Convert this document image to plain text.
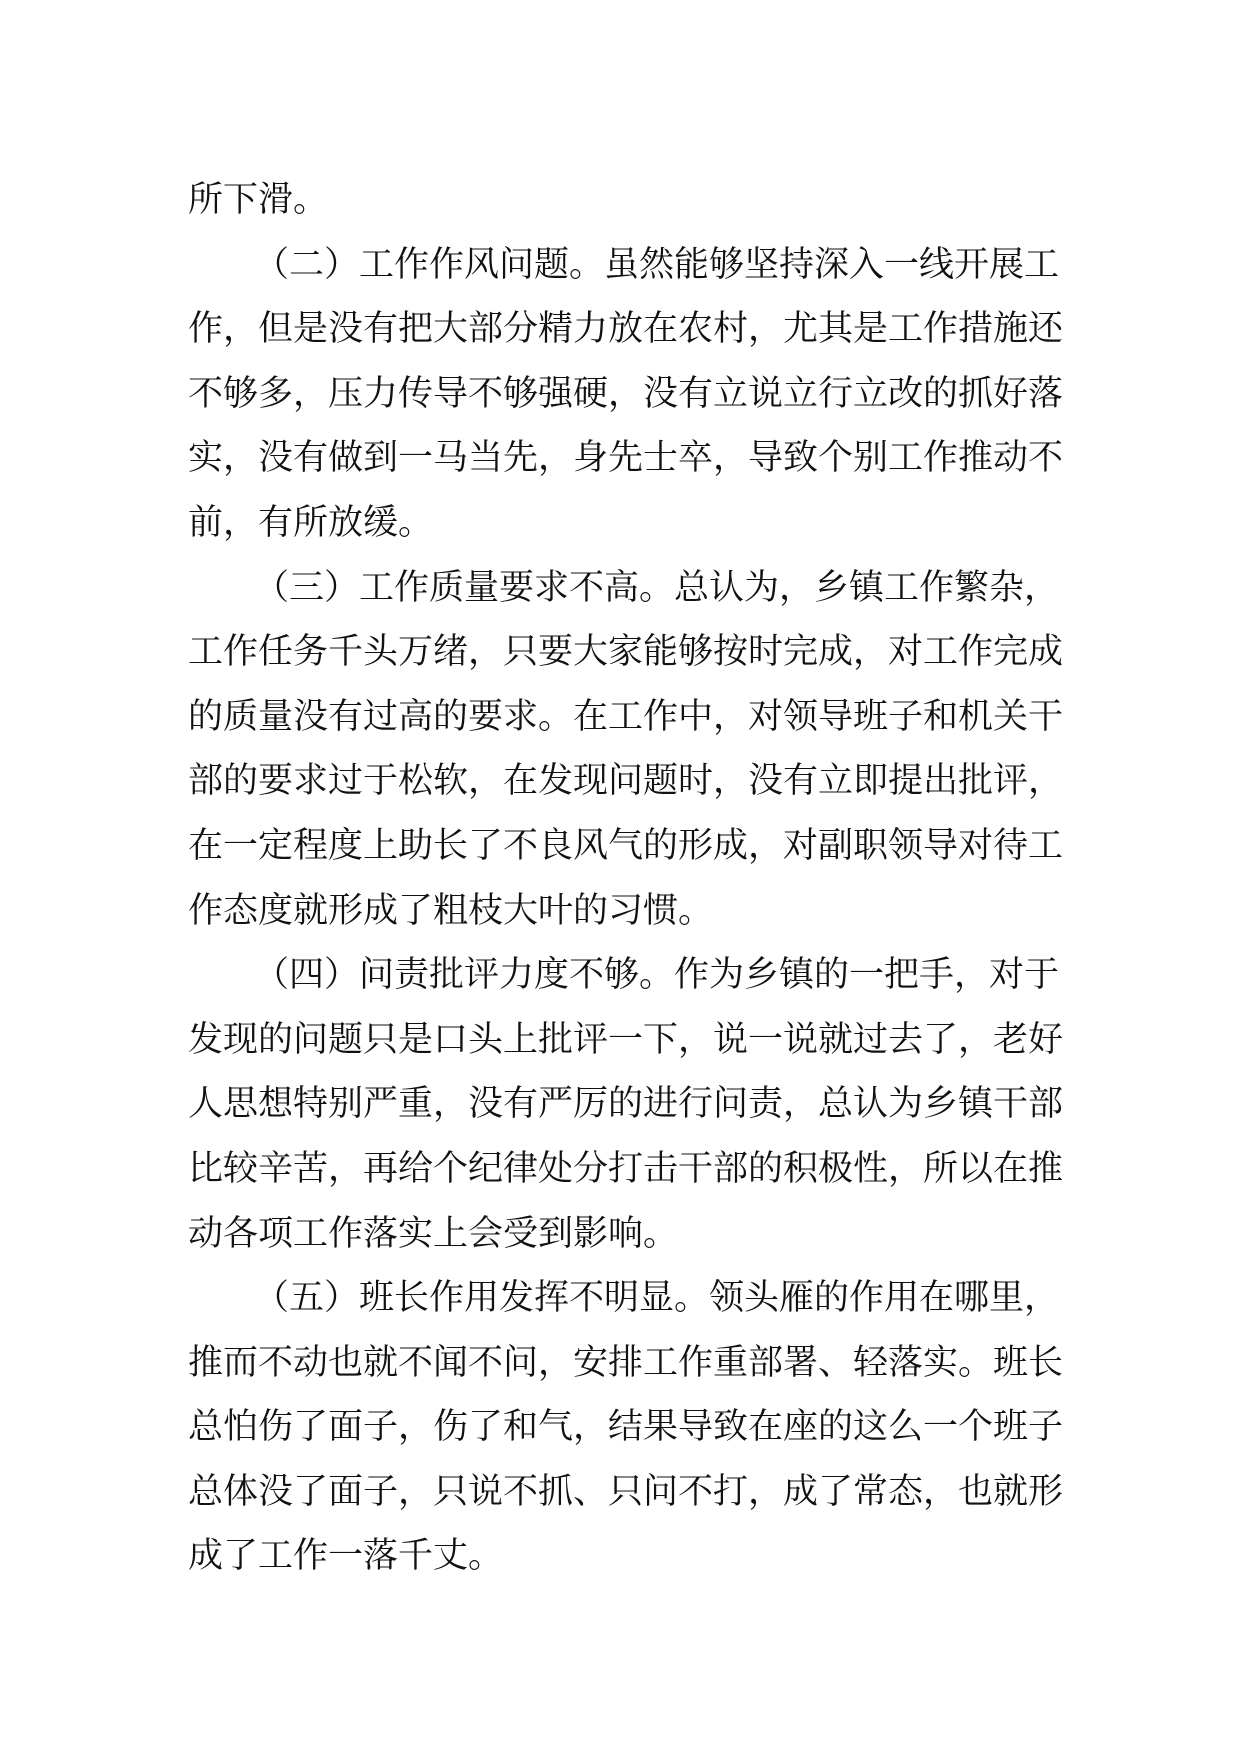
所下滑。
（二）工作作风问题。虽然能够坚持深入一线开展工
作，但是没有把大部分精力放在农村，尤其是工作措施还
不够多，压力传导不够强硬，没有立说立行立改的抓好落
实，没有做到一马当先，身先士卒，导致个别工作推动不
前，有所放缓。
（三）工作质量要求不高。总认为，乡镇工作繁杂，
工作任务千头万绪，只要大家能够按时完成，对工作完成
的质量没有过高的要求。在工作中，对领导班子和机关干
部的要求过于松软，在发现问题时，没有立即提出批评，
在一定程度上助长了不良风气的形成，对副职领导对待工
作态度就形成了粗枝大叶的习惯。
（四）问责批评力度不够。作为乡镇的一把手，对于
发现的问题只是口头上批评一下，说一说就过去了，老好
人思想特别严重，没有严厉的进行问责，总认为乡镇干部
比较辛苦，再给个纪律处分打击干部的积极性，所以在推
动各项工作落实上会受到影响。
（五）班长作用发挥不明显。领头雁的作用在哪里，
推而不动也就不闻不问，安排工作重部署、轻落实。班长
总怕伤了面子，伤了和气，结果导致在座的这么一个班子
总体没了面子，只说不抓、只问不打，成了常态，也就形
成了工作一落千丈。
